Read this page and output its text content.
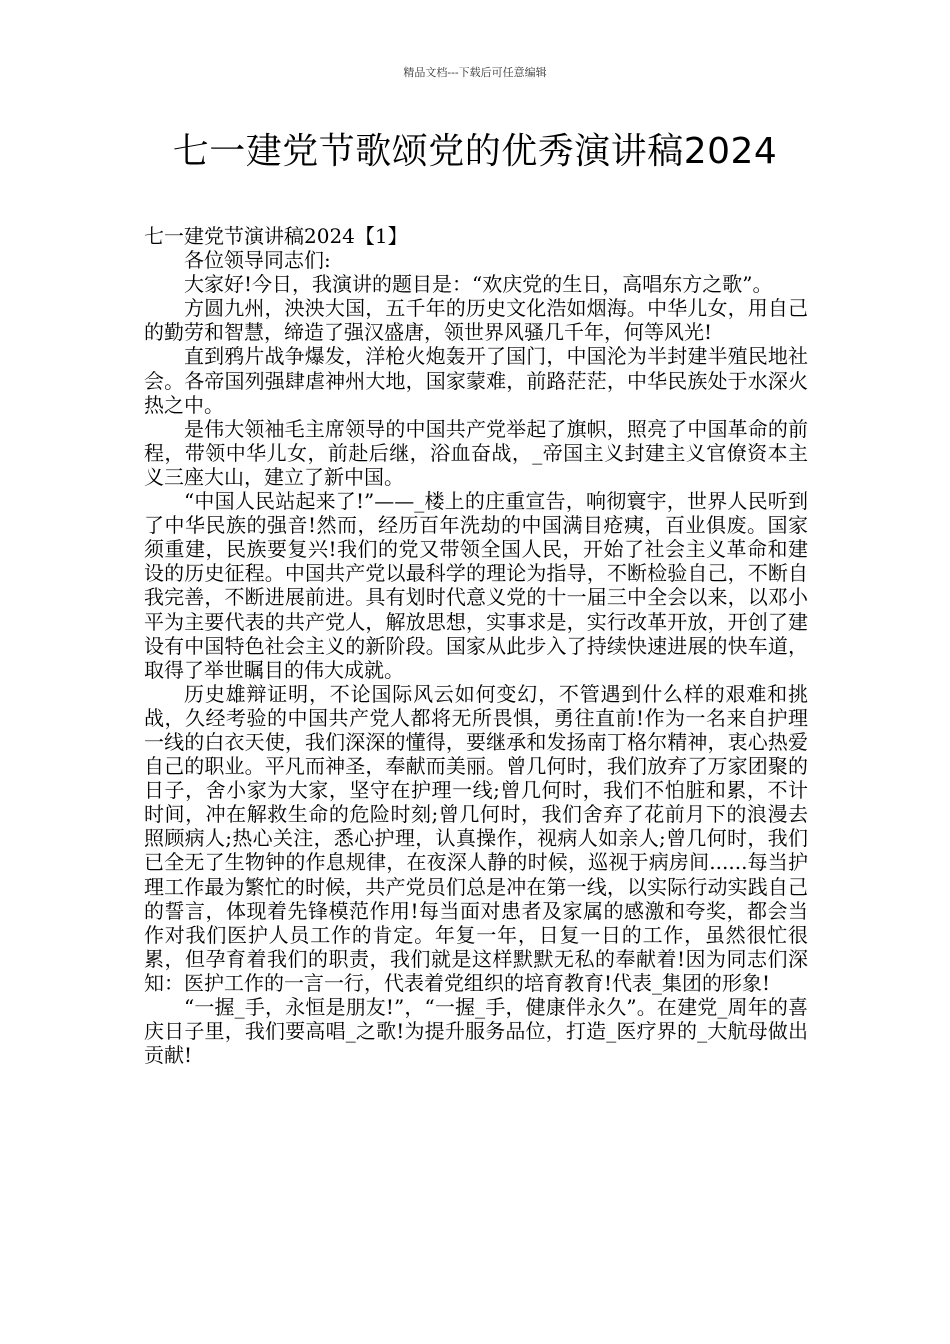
精品文档---下载后可任意编辑
七一建党节歌颂党的优秀演讲稿2024
七一建党节演讲稿2024【1】

各位领导同志们:

大家好!今日，我演讲的题目是：“欢庆党的生日，高唱东方之歌”。

方圆九州，泱泱大国，五千年的历史文化浩如烟海。中华儿女，用自己的勤劳和智慧，缔造了强汉盛唐，领世界风骚几千年，何等风光!

直到鸦片战争爆发，洋枪火炮轰开了国门，中国沦为半封建半殖民地社会。各帝国列强肆虐神州大地，国家蒙难，前路茫茫，中华民族处于水深火热之中。

是伟大领袖毛主席领导的中国共产党举起了旗帜，照亮了中国革命的前程，带领中华儿女，前赴后继，浴血奋战，_帝国主义封建主义官僚资本主义三座大山，建立了新中国。

“中国人民站起来了!”——_楼上的庄重宣告，响彻寰宇，世界人民听到了中华民族的强音!然而，经历百年洗劫的中国满目疮痍，百业俱废。国家须重建，民族要复兴!我们的党又带领全国人民，开始了社会主义革命和建设的历史征程。中国共产党以最科学的理论为指导，不断检验自己，不断自我完善，不断进展前进。具有划时代意义党的十一届三中全会以来，以邓小平为主要代表的共产党人，解放思想，实事求是，实行改革开放，开创了建设有中国特色社会主义的新阶段。国家从此步入了持续快速进展的快车道，取得了举世瞩目的伟大成就。

历史雄辩证明，不论国际风云如何变幻，不管遇到什么样的艰难和挑战，久经考验的中国共产党人都将无所畏惧，勇往直前!作为一名来自护理一线的白衣天使，我们深深的懂得，要继承和发扬南丁格尔精神，衷心热爱自己的职业。平凡而神圣，奉献而美丽。曾几何时，我们放弃了万家团聚的日子，舍小家为大家，坚守在护理一线;曾几何时，我们不怕脏和累，不计时间，冲在解救生命的危险时刻;曾几何时，我们舍弃了花前月下的浪漫去照顾病人;热心关注，悉心护理，认真操作，视病人如亲人;曾几何时，我们已全无了生物钟的作息规律，在夜深人静的时候，巡视于病房间......每当护理工作最为繁忙的时候，共产党员们总是冲在第一线，以实际行动实践自己的誓言，体现着先锋模范作用!每当面对患者及家属的感激和夸奖，都会当作对我们医护人员工作的肯定。年复一年，日复一日的工作，虽然很忙很累，但孕育着我们的职责，我们就是这样默默无私的奉献着!因为同志们深知：医护工作的一言一行，代表着党组织的培育教育!代表_集团的形象!

“一握_手，永恒是朋友!”，“一握_手，健康伴永久”。在建党_周年的喜庆日子里，我们要高唱_之歌!为提升服务品位，打造_医疗界的_大航母做出贡献!
